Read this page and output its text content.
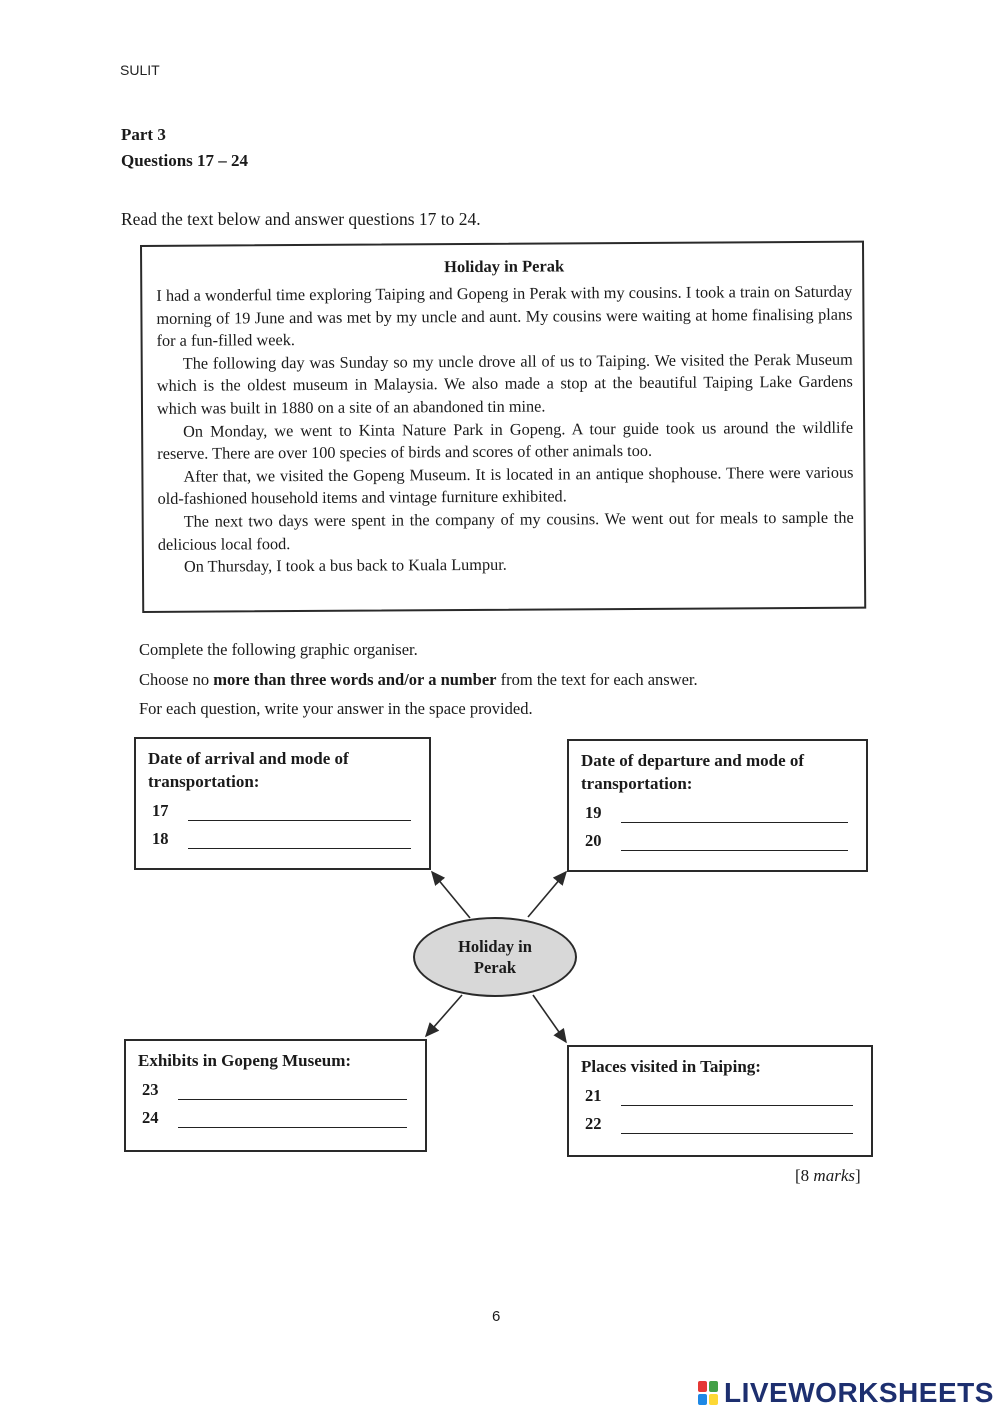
SULIT
Part 3
Questions 17 – 24
Read the text below and answer questions 17 to 24.
Holiday in Perak

I had a wonderful time exploring Taiping and Gopeng in Perak with my cousins. I took a train on Saturday morning of 19 June and was met by my uncle and aunt. My cousins were waiting at home finalising plans for a fun-filled week.

The following day was Sunday so my uncle drove all of us to Taiping. We visited the Perak Museum which is the oldest museum in Malaysia. We also made a stop at the beautiful Taiping Lake Gardens which was built in 1880 on a site of an abandoned tin mine.

On Monday, we went to Kinta Nature Park in Gopeng. A tour guide took us around the wildlife reserve. There are over 100 species of birds and scores of other animals too.

After that, we visited the Gopeng Museum. It is located in an antique shophouse. There were various old-fashioned household items and vintage furniture exhibited.

The next two days were spent in the company of my cousins. We went out for meals to sample the delicious local food.

On Thursday, I took a bus back to Kuala Lumpur.

Complete the following graphic organiser.
Choose no more than three words and/or a number from the text for each answer.
For each question, write your answer in the space provided.
Date of arrival and mode of transportation:
17
18
Date of departure and mode of transportation:
19
20
Holiday in
Perak
Exhibits in Gopeng Museum:
23
24
Places visited in Taiping:
21
22
[8 marks]
6
LIVEWORKSHEETS
